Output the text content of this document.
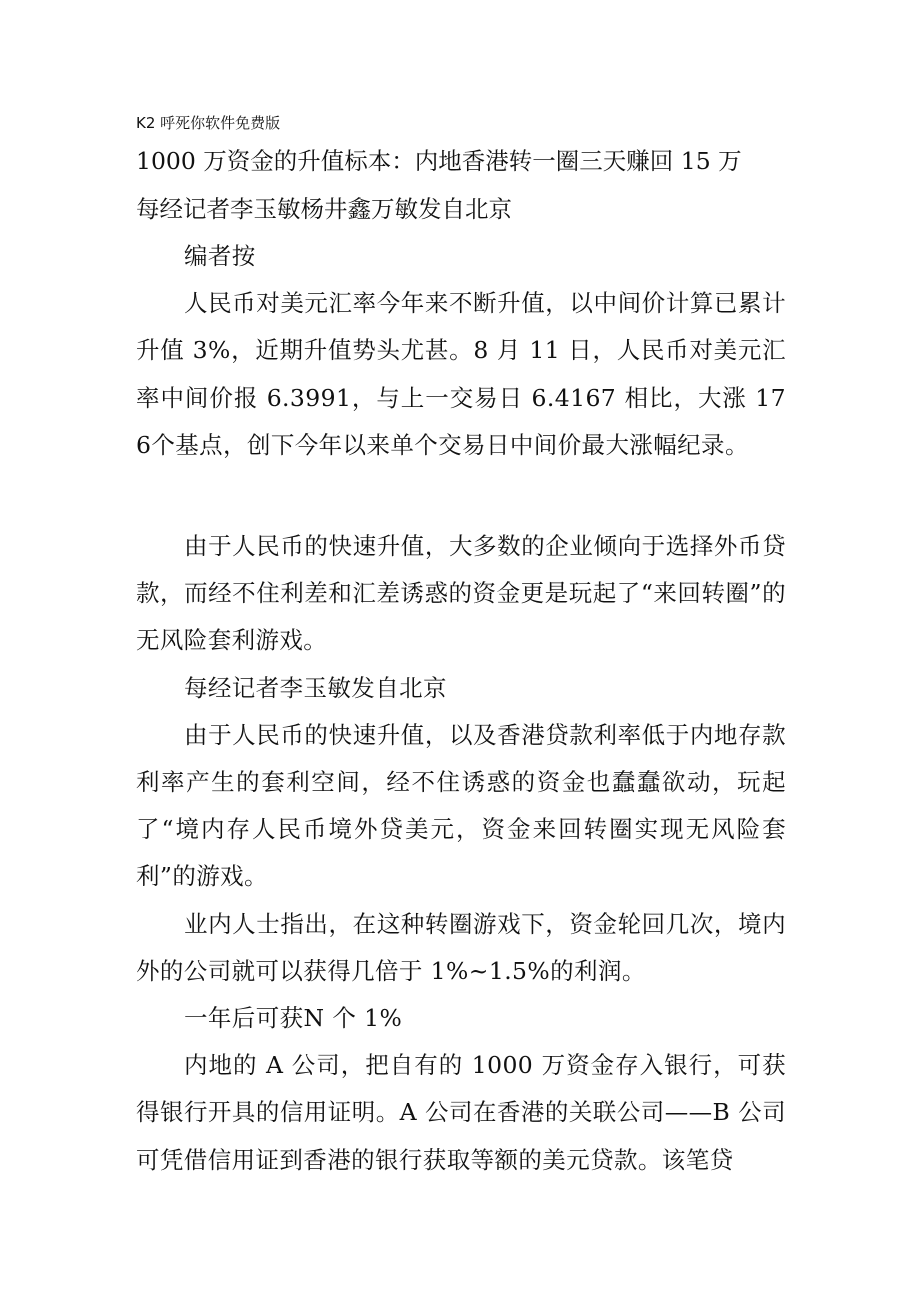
K2 呼死你软件免费版
1000 万资金的升值标本：内地香港转一圈三天赚回 15 万
每经记者李玉敏杨井鑫万敏发自北京

编者按

人民币对美元汇率今年来不断升值，以中间价计算已累计升值 3%，近期升值势头尤甚。8 月 11 日，人民币对美元汇率中间价报 6.3991，与上一交易日 6.4167 相比，大涨 176个基点，创下今年以来单个交易日中间价最大涨幅纪录。

由于人民币的快速升值，大多数的企业倾向于选择外币贷款，而经不住利差和汇差诱惑的资金更是玩起了“来回转圈”的无风险套利游戏。

每经记者李玉敏发自北京

由于人民币的快速升值，以及香港贷款利率低于内地存款利率产生的套利空间，经不住诱惑的资金也蠢蠢欲动，玩起了“境内存人民币境外贷美元，资金来回转圈实现无风险套利”的游戏。

业内人士指出，在这种转圈游戏下，资金轮回几次，境内外的公司就可以获得几倍于 1%~1.5%的利润。

一年后可获N 个 1%

内地的 A 公司，把自有的 1000 万资金存入银行，可获得银行开具的信用证明。A 公司在香港的关联公司——B 公司可凭借信用证到香港的银行获取等额的美元贷款。该笔贷
